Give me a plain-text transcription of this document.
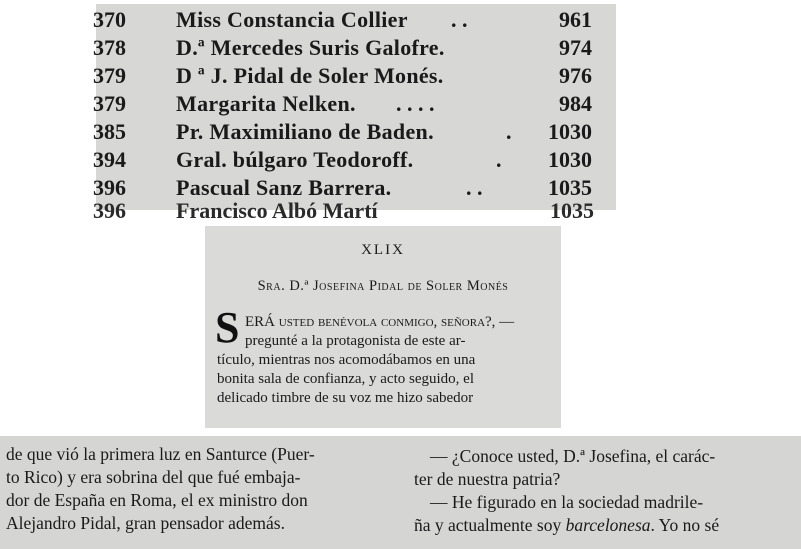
370 Miss Constancia Collier . .	961
378 D.ª Mercedes Suris Galofre.	974
379 D ª J. Pidal de Soler Monés.	976
379 Margarita Nelken. . . . .	984
385 Pr. Maximiliano de Baden.	.	1030
394 Gral. búlgaro Teodoroff.	.	1030
396 Pascual Sanz Barrera.	. .	1035
396 Francisco Albó Martí	1035
XLIX
Sra. D.ª Josefina Pidal de Soler Monés
S ERÁ usted benévola conmigo, señora?, —
pregunté a la protagonista de este ar-
tículo, mientras nos acomodábamos en una
bonita sala de confianza, y acto seguido, el
delicado timbre de su voz me hizo sabedor
de que vió la primera luz en Santurce (Puer-
to Rico) y era sobrina del que fué embaja-
dor de España en Roma, el ex ministro don
Alejandro Pidal, gran pensador además.
— ¿Conoce usted, D.ª Josefina, el carác-
ter de nuestra patria?
— He figurado en la sociedad madrile-
ña y actualmente soy barcelonesa. Yo no sé
